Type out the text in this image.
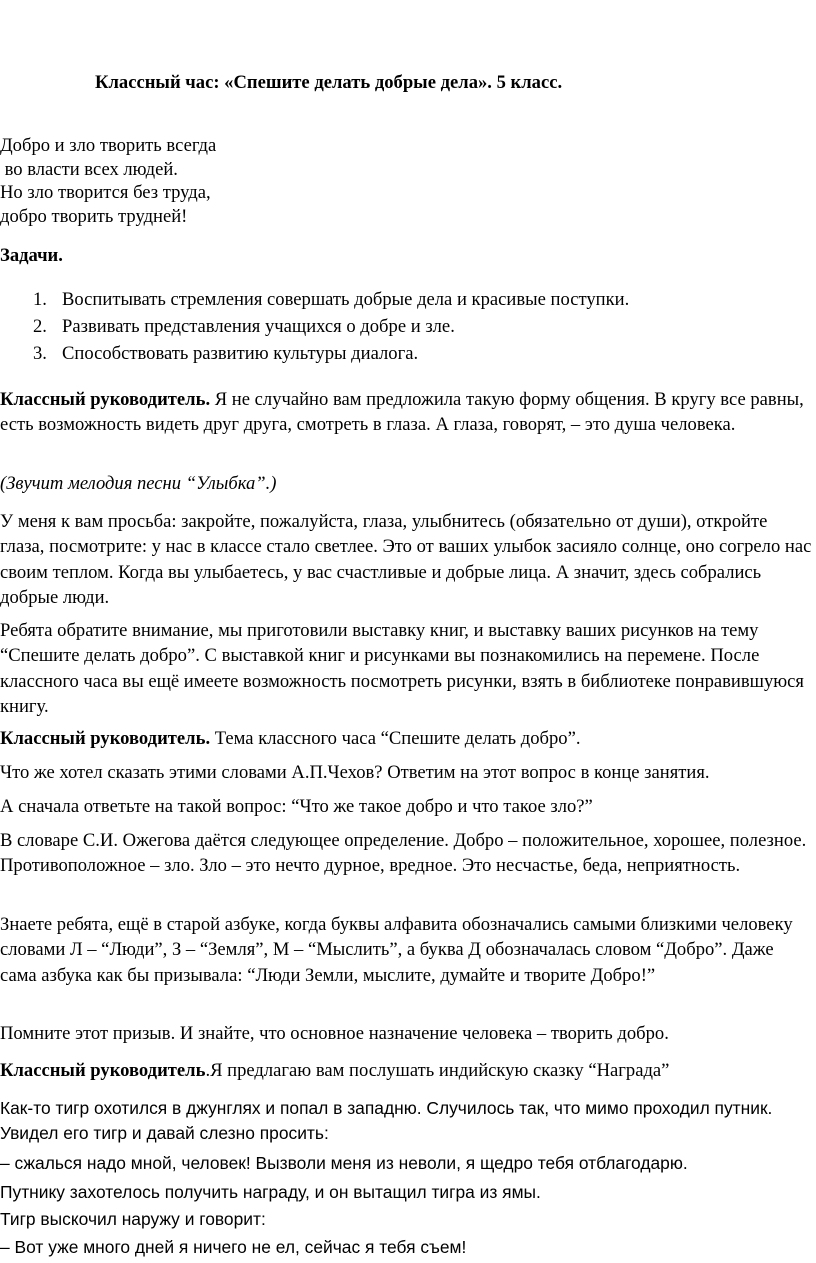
Классный час: «Спешите делать добрые дела». 5 класс.
Добро и зло творить всегда
во власти всех людей.
Но зло творится без труда,
добро творить трудней!
Задачи.
1. Воспитывать стремления совершать добрые дела и красивые поступки.
2. Развивать представления учащихся о добре и зле.
3. Способствовать развитию культуры диалога.

Классный руководитель. Я не случайно вам предложила такую форму общения. В кругу все равны, есть возможность видеть друг друга, смотреть в глаза. А глаза, говорят, – это душа человека.

(Звучит мелодия песни “Улыбка”.)

У меня к вам просьба: закройте, пожалуйста, глаза, улыбнитесь (обязательно от души), откройте глаза, посмотрите: у нас в классе стало светлее. Это от ваших улыбок засияло солнце, оно согрело нас своим теплом. Когда вы улыбаетесь, у вас счастливые и добрые лица. А значит, здесь собрались добрые люди.

Ребята обратите внимание, мы приготовили выставку книг, и выставку ваших рисунков на тему “Спешите делать добро”. С выставкой книг и рисунками вы познакомились на перемене. После классного часа вы ещё имеете возможность посмотреть рисунки, взять в библиотеке понравившуюся книгу.

Классный руководитель. Тема классного часа “Спешите делать добро”.

Что же хотел сказать этими словами А.П.Чехов? Ответим на этот вопрос в конце занятия.

А сначала ответьте на такой вопрос: “Что же такое добро и что такое зло?”

В словаре С.И. Ожегова даётся следующее определение. Добро – положительное, хорошее, полезное. Противоположное – зло. Зло – это нечто дурное, вредное. Это несчастье, беда, неприятность.

Знаете ребята, ещё в старой азбуке, когда буквы алфавита обозначались самыми близкими человеку словами Л – “Люди”, З – “Земля”, М – “Мыслить”, а буква Д обозначалась словом “Добро”. Даже сама азбука как бы призывала: “Люди Земли, мыслите, думайте и творите Добро!”

Помните этот призыв. И знайте, что основное назначение человека – творить добро.

Классный руководитель.Я предлагаю вам послушать индийскую сказку “Награда”

Как-то тигр охотился в джунглях и попал в западню. Случилось так, что мимо проходил путник. Увидел его тигр и давай слезно просить:

– сжалься надо мной, человек! Вызволи меня из неволи, я щедро тебя отблагодарю.

Путнику захотелось получить награду, и он вытащил тигра из ямы.

Тигр выскочил наружу и говорит:

– Вот уже много дней я ничего не ел, сейчас я тебя съем!
